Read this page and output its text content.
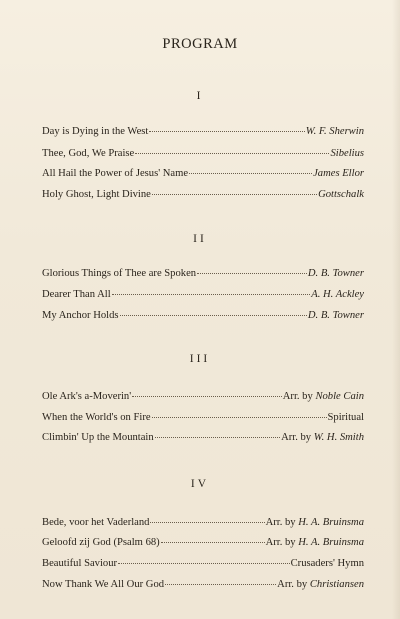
PROGRAM
I
Day is Dying in the West	W. F. Sherwin
Thee, God, We Praise	Sibelius
All Hail the Power of Jesus' Name	James Ellor
Holy Ghost, Light Divine	Gottschalk
II
Glorious Things of Thee are Spoken	D. B. Towner
Dearer Than All	A. H. Ackley
My Anchor Holds	D. B. Towner
III
Ole Ark's a-Moverin'	Arr. by Noble Cain
When the World's on Fire	Spiritual
Climbin' Up the Mountain	Arr. by W. H. Smith
IV
Bede, voor het Vaderland	Arr. by H. A. Bruinsma
Geloofd zij God (Psalm 68)	Arr. by H. A. Bruinsma
Beautiful Saviour	Crusaders' Hymn
Now Thank We All Our God	Arr. by Christiansen
